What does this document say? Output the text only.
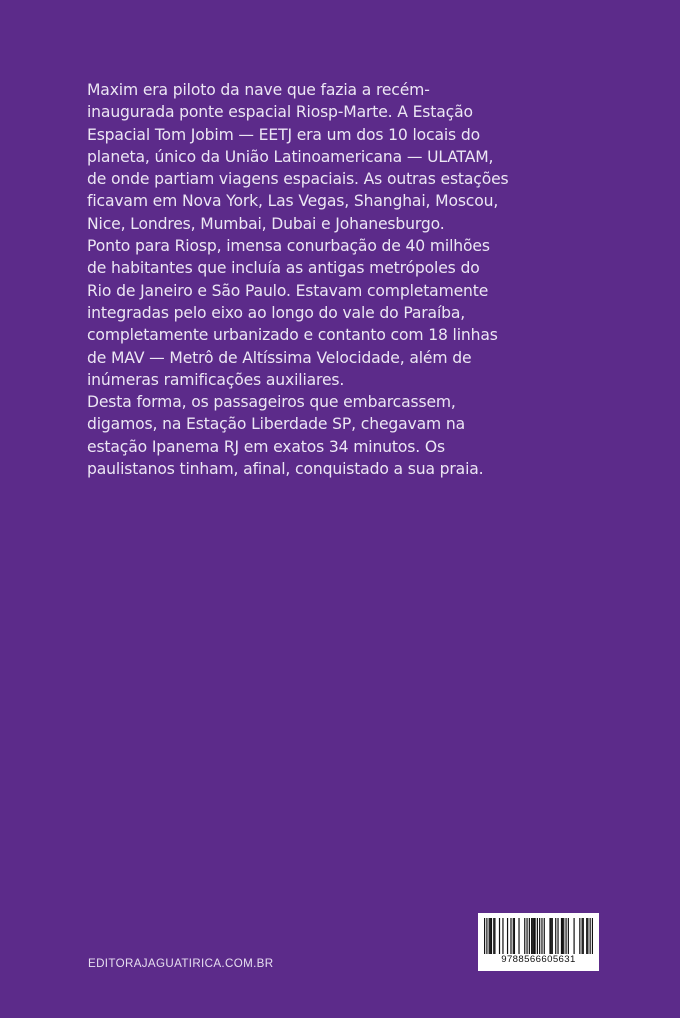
Maxim era piloto da nave que fazia a recém-

inaugurada ponte espacial Riosp-Marte. A Estação

Espacial Tom Jobim — EETJ era um dos 10 locais do

planeta, único da União Latinoamericana — ULATAM,

de onde partiam viagens espaciais. As outras estações

ficavam em Nova York, Las Vegas, Shanghai, Moscou,

Nice, Londres, Mumbai, Dubai e Johanesburgo.

Ponto para Riosp, imensa conurbação de 40 milhões

de habitantes que incluía as antigas metrópoles do

Rio de Janeiro e São Paulo. Estavam completamente

integradas pelo eixo ao longo do vale do Paraíba,

completamente urbanizado e contanto com 18 linhas

de MAV — Metrô de Altíssima Velocidade, além de

inúmeras ramificações auxiliares.

Desta forma, os passageiros que embarcassem,

digamos, na Estação Liberdade SP, chegavam na

estação Ipanema RJ em exatos 34 minutos. Os

paulistanos tinham, afinal, conquistado a sua praia.

EDITORAJAGUATIRICA.COM.BR	9788566605631
